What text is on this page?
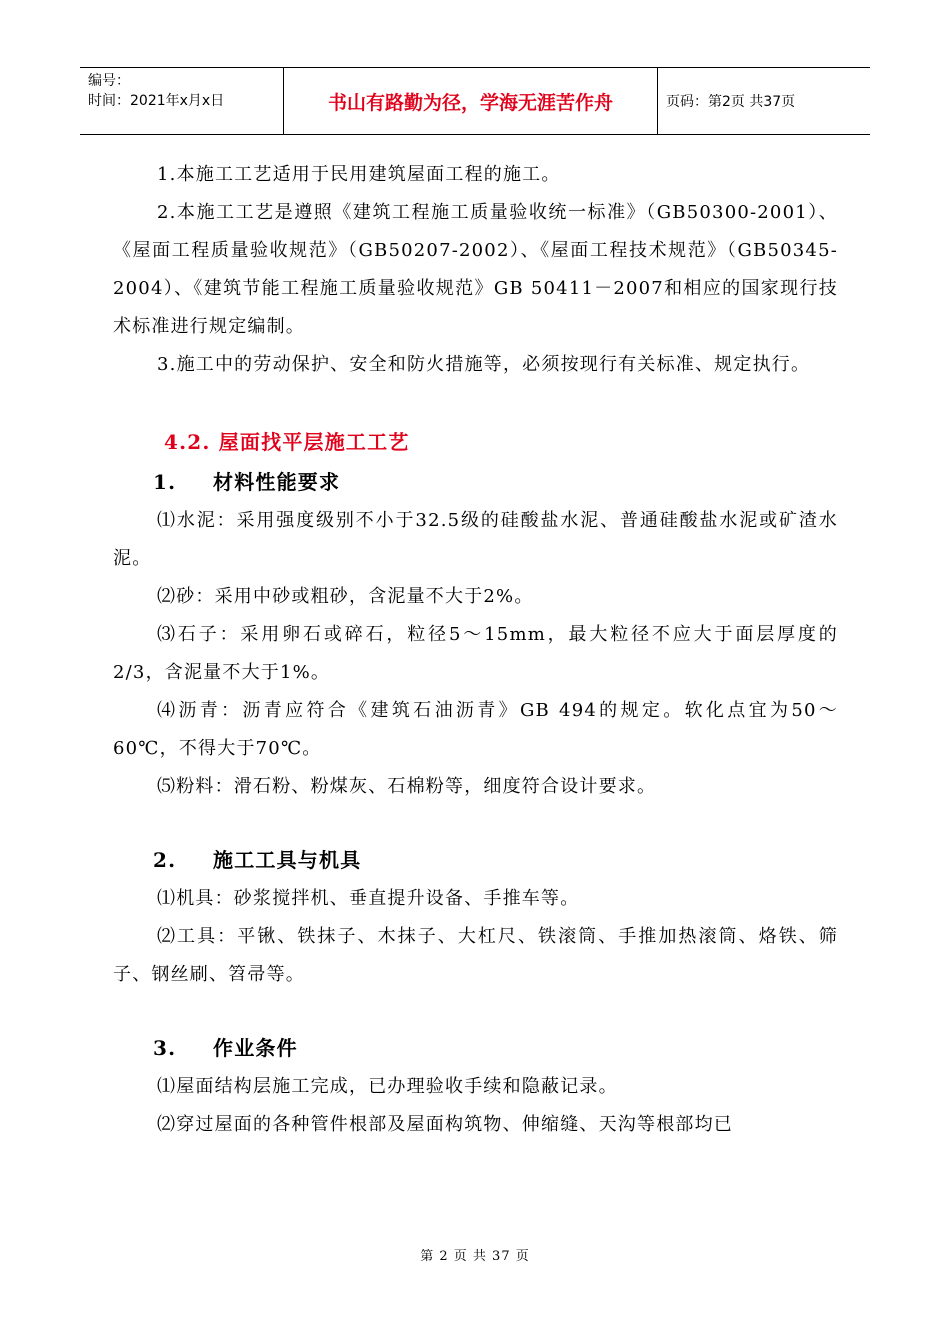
编号：
时间：2021年x月x日	书山有路勤为径，学海无涯苦作舟	页码：第2页 共37页

1.本施工工艺适用于民用建筑屋面工程的施工。

2.本施工工艺是遵照《建筑工程施工质量验收统一标准》（GB50300-2001）、《屋面工程质量验收规范》（GB50207-2002）、《屋面工程技术规范》（GB50345-2004）、《建筑节能工程施工质量验收规范》GB 50411－2007和相应的国家现行技术标准进行规定编制。

3.施工中的劳动保护、安全和防火措施等，必须按现行有关标准、规定执行。

4.2. 屋面找平层施工工艺
1.	材料性能要求

⑴水泥：采用强度级别不小于32.5级的硅酸盐水泥、普通硅酸盐水泥或矿渣水泥。

⑵砂：采用中砂或粗砂，含泥量不大于2%。

⑶石子：采用卵石或碎石，粒径5～15mm，最大粒径不应大于面层厚度的2/3，含泥量不大于1%。

⑷沥青：沥青应符合《建筑石油沥青》GB 494的规定。软化点宜为50～60℃，不得大于70℃。

⑸粉料：滑石粉、粉煤灰、石棉粉等，细度符合设计要求。

2.	施工工具与机具

⑴机具：砂浆搅拌机、垂直提升设备、手推车等。

⑵工具：平锹、铁抹子、木抹子、大杠尺、铁滚筒、手推加热滚筒、烙铁、筛子、钢丝刷、笤帚等。

3.	作业条件

⑴屋面结构层施工完成，已办理验收手续和隐蔽记录。

⑵穿过屋面的各种管件根部及屋面构筑物、伸缩缝、天沟等根部均已

第 2 页 共 37 页
